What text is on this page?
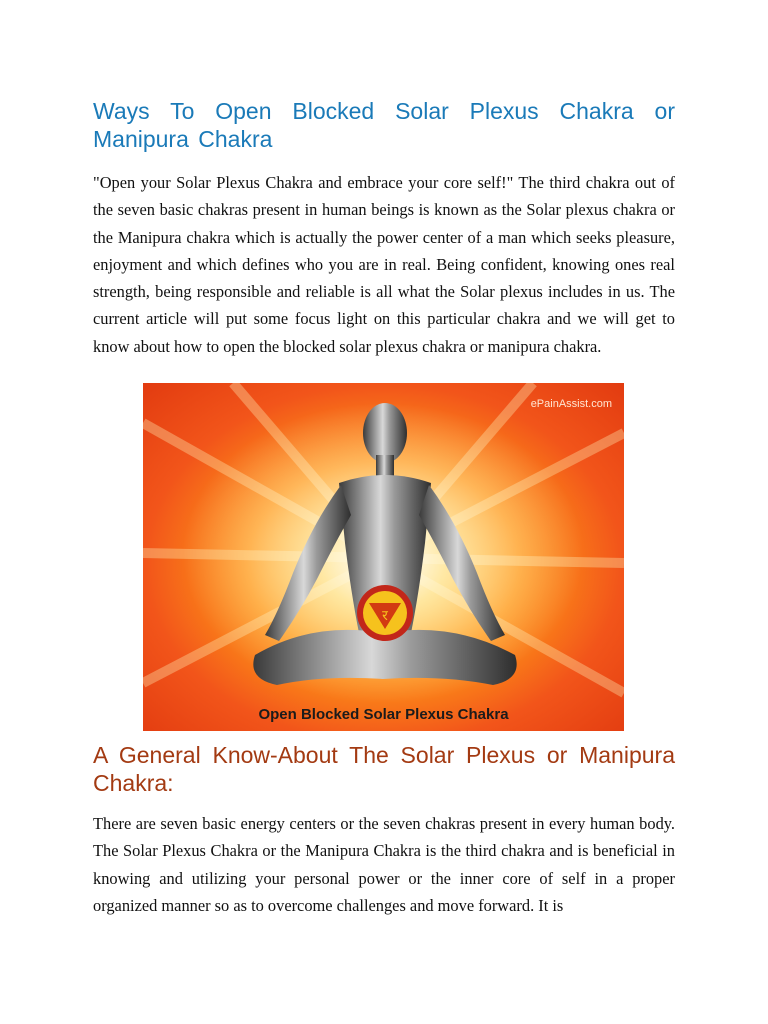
Ways To Open Blocked Solar Plexus Chakra or Manipura Chakra

"Open your Solar Plexus Chakra and embrace your core self!" The third chakra out of the seven basic chakras present in human beings is known as the Solar plexus chakra or the Manipura chakra which is actually the power center of a man which seeks pleasure, enjoyment and which defines who you are in real. Being confident, knowing ones real strength, being responsible and reliable is all what the Solar plexus includes in us. The current article will put some focus light on this particular chakra and we will get to know about how to open the blocked solar plexus chakra or manipura chakra.

र
ePainAssist.com
Open Blocked Solar Plexus Chakra
A General Know-About The Solar Plexus or Manipura Chakra:

There are seven basic energy centers or the seven chakras present in every human body. The Solar Plexus Chakra or the Manipura Chakra is the third chakra and is beneficial in knowing and utilizing your personal power or the inner core of self in a proper organized manner so as to overcome challenges and move forward. It is
